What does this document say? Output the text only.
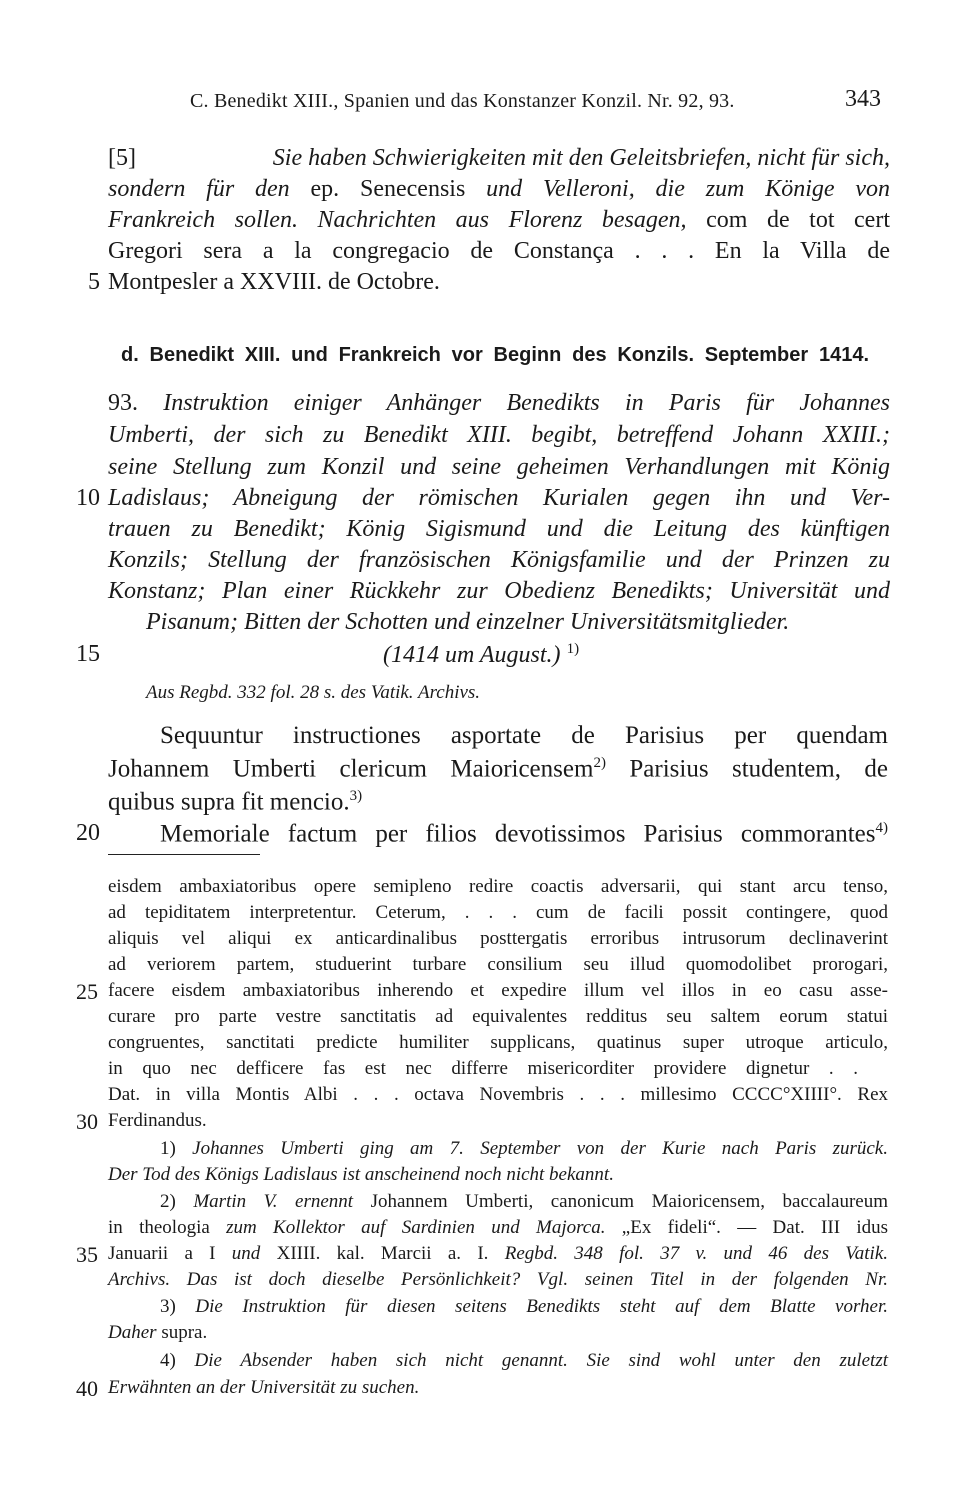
C. Benedikt XIII., Spanien und das Konstanzer Konzil. Nr. 92, 93.	343
[5]	Sie haben Schwierigkeiten mit den Geleitsbriefen, nicht für sich,
sondern für den ep. Senecensis und Velleroni, die zum Könige von
Frankreich sollen. Nachrichten aus Florenz besagen, com de tot cert
Gregori sera a la congregacio de Constança . . . En la Villa de
5 Montpesler a XXVIII. de Octobre.
d. Benedikt XIII. und Frankreich vor Beginn des Konzils. September 1414.
93. Instruktion einiger Anhänger Benedikts in Paris für Johannes
Umberti, der sich zu Benedikt XIII. begibt, betreffend Johann XXIII.;
seine Stellung zum Konzil und seine geheimen Verhandlungen mit König
10 Ladislaus; Abneigung der römischen Kurialen gegen ihn und Ver-
trauen zu Benedikt; König Sigismund und die Leitung des künftigen
Konzils; Stellung der französischen Königsfamilie und der Prinzen zu
Konstanz; Plan einer Rückkehr zur Obedienz Benedikts; Universität und
Pisanum; Bitten der Schotten und einzelner Universitätsmitglieder.
15	(1414 um August.) $^{1)}$
Aus Regbd. 332 fol. 28 s. des Vatik. Archivs.
Sequuntur instructiones asportate de Parisius per quendam
Johannem Umberti clericum Maioricensem$^{2)}$ Parisius studentem, de
quibus supra fit mencio.$^{3)}$
20 Memoriale factum per filios devotissimos Parisius commorantes$^{4)}$
eisdem ambaxiatoribus opere semipleno redire coactis adversarii, qui stant arcu tenso,
ad tepiditatem interpretentur. Ceterum, . . . cum de facili possit contingere, quod
aliquis vel aliqui ex anticardinalibus posttergatis erroribus intrusorum declinaverint
ad veriorem partem, studuerint turbare consilium seu illud quomodolibet prorogari,
25 facere eisdem ambaxiatoribus inherendo et expedire illum vel illos in eo casu asse-
curare pro parte vestre sanctitatis ad equivalentes redditus seu saltem eorum statui
congruentes, sanctitati predicte humiliter supplicans, quatinus super utroque articulo,
in quo nec defficere fas est nec differre misericorditer providere dignetur . .
Dat. in villa Montis Albi . . . octava Novembris . . . millesimo CCCC°XIIII°. Rex
30 Ferdinandus.
1) Johannes Umberti ging am 7. September von der Kurie nach Paris zurück.
Der Tod des Königs Ladislaus ist anscheinend noch nicht bekannt.
2) Martin V. ernennt Johannem Umberti, canonicum Maioricensem, baccalaureum
in theologia zum Kollektor auf Sardinien und Majorca. „Ex fideli“. — Dat. III idus
35 Januarii a I und XIIII. kal. Marcii a. I. Regbd. 348 fol. 37 v. und 46 des Vatik.
Archivs. Das ist doch dieselbe Persönlichkeit? Vgl. seinen Titel in der folgenden Nr.
3) Die Instruktion für diesen seitens Benedikts steht auf dem Blatte vorher.
Daher supra.
4) Die Absender haben sich nicht genannt. Sie sind wohl unter den zuletzt
40 Erwähnten an der Universität zu suchen.
